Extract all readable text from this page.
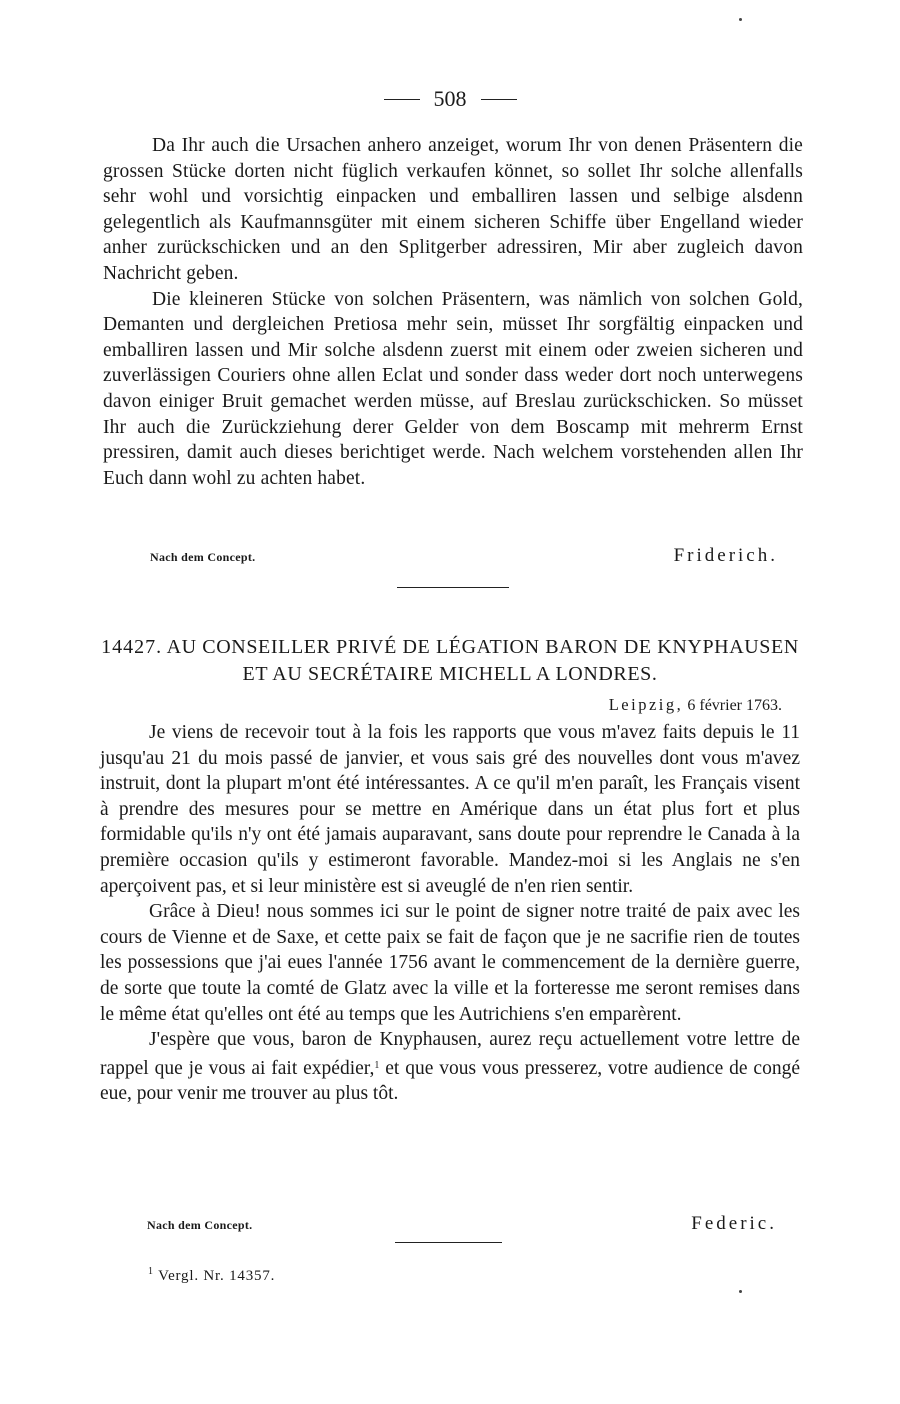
508

Da Ihr auch die Ursachen anhero anzeiget, worum Ihr von denen Präsentern die grossen Stücke dorten nicht füglich verkaufen könnet, so sollet Ihr solche allenfalls sehr wohl und vorsichtig einpacken und emballiren lassen und selbige alsdenn gelegentlich als Kaufmannsgüter mit einem sicheren Schiffe über Engelland wieder anher zurückschicken und an den Splitgerber adressiren, Mir aber zugleich davon Nachricht geben.

Die kleineren Stücke von solchen Präsentern, was nämlich von solchen Gold, Demanten und dergleichen Pretiosa mehr sein, müsset Ihr sorgfältig einpacken und emballiren lassen und Mir solche alsdenn zuerst mit einem oder zweien sicheren und zuverlässigen Couriers ohne allen Eclat und sonder dass weder dort noch unterwegens davon einiger Bruit gemachet werden müsse, auf Breslau zurückschicken. So müsset Ihr auch die Zurückziehung derer Gelder von dem Boscamp mit mehrerm Ernst pressiren, damit auch dieses berichtiget werde. Nach welchem vorstehenden allen Ihr Euch dann wohl zu achten habet.

Nach dem Concept.	Friderich.
14427. AU CONSEILLER PRIVÉ DE LÉGATION BARON DE KNYPHAUSEN ET AU SECRÉTAIRE MICHELL A LONDRES.
Leipzig, 6 février 1763.

Je viens de recevoir tout à la fois les rapports que vous m'avez faits depuis le 11 jusqu'au 21 du mois passé de janvier, et vous sais gré des nouvelles dont vous m'avez instruit, dont la plupart m'ont été intéressantes. A ce qu'il m'en paraît, les Français visent à prendre des mesures pour se mettre en Amérique dans un état plus fort et plus formidable qu'ils n'y ont été jamais auparavant, sans doute pour reprendre le Canada à la première occasion qu'ils y estimeront favorable. Mandez-moi si les Anglais ne s'en aperçoivent pas, et si leur ministère est si aveuglé de n'en rien sentir.

Grâce à Dieu! nous sommes ici sur le point de signer notre traité de paix avec les cours de Vienne et de Saxe, et cette paix se fait de façon que je ne sacrifie rien de toutes les possessions que j'ai eues l'année 1756 avant le commencement de la dernière guerre, de sorte que toute la comté de Glatz avec la ville et la forteresse me seront remises dans le même état qu'elles ont été au temps que les Autrichiens s'en emparèrent.

J'espère que vous, baron de Knyphausen, aurez reçu actuellement votre lettre de rappel que je vous ai fait expédier,$^1$ et que vous vous presserez, votre audience de congé eue, pour venir me trouver au plus tôt.

Nach dem Concept.	Federic.
$^1$ Vergl. Nr. 14357.
